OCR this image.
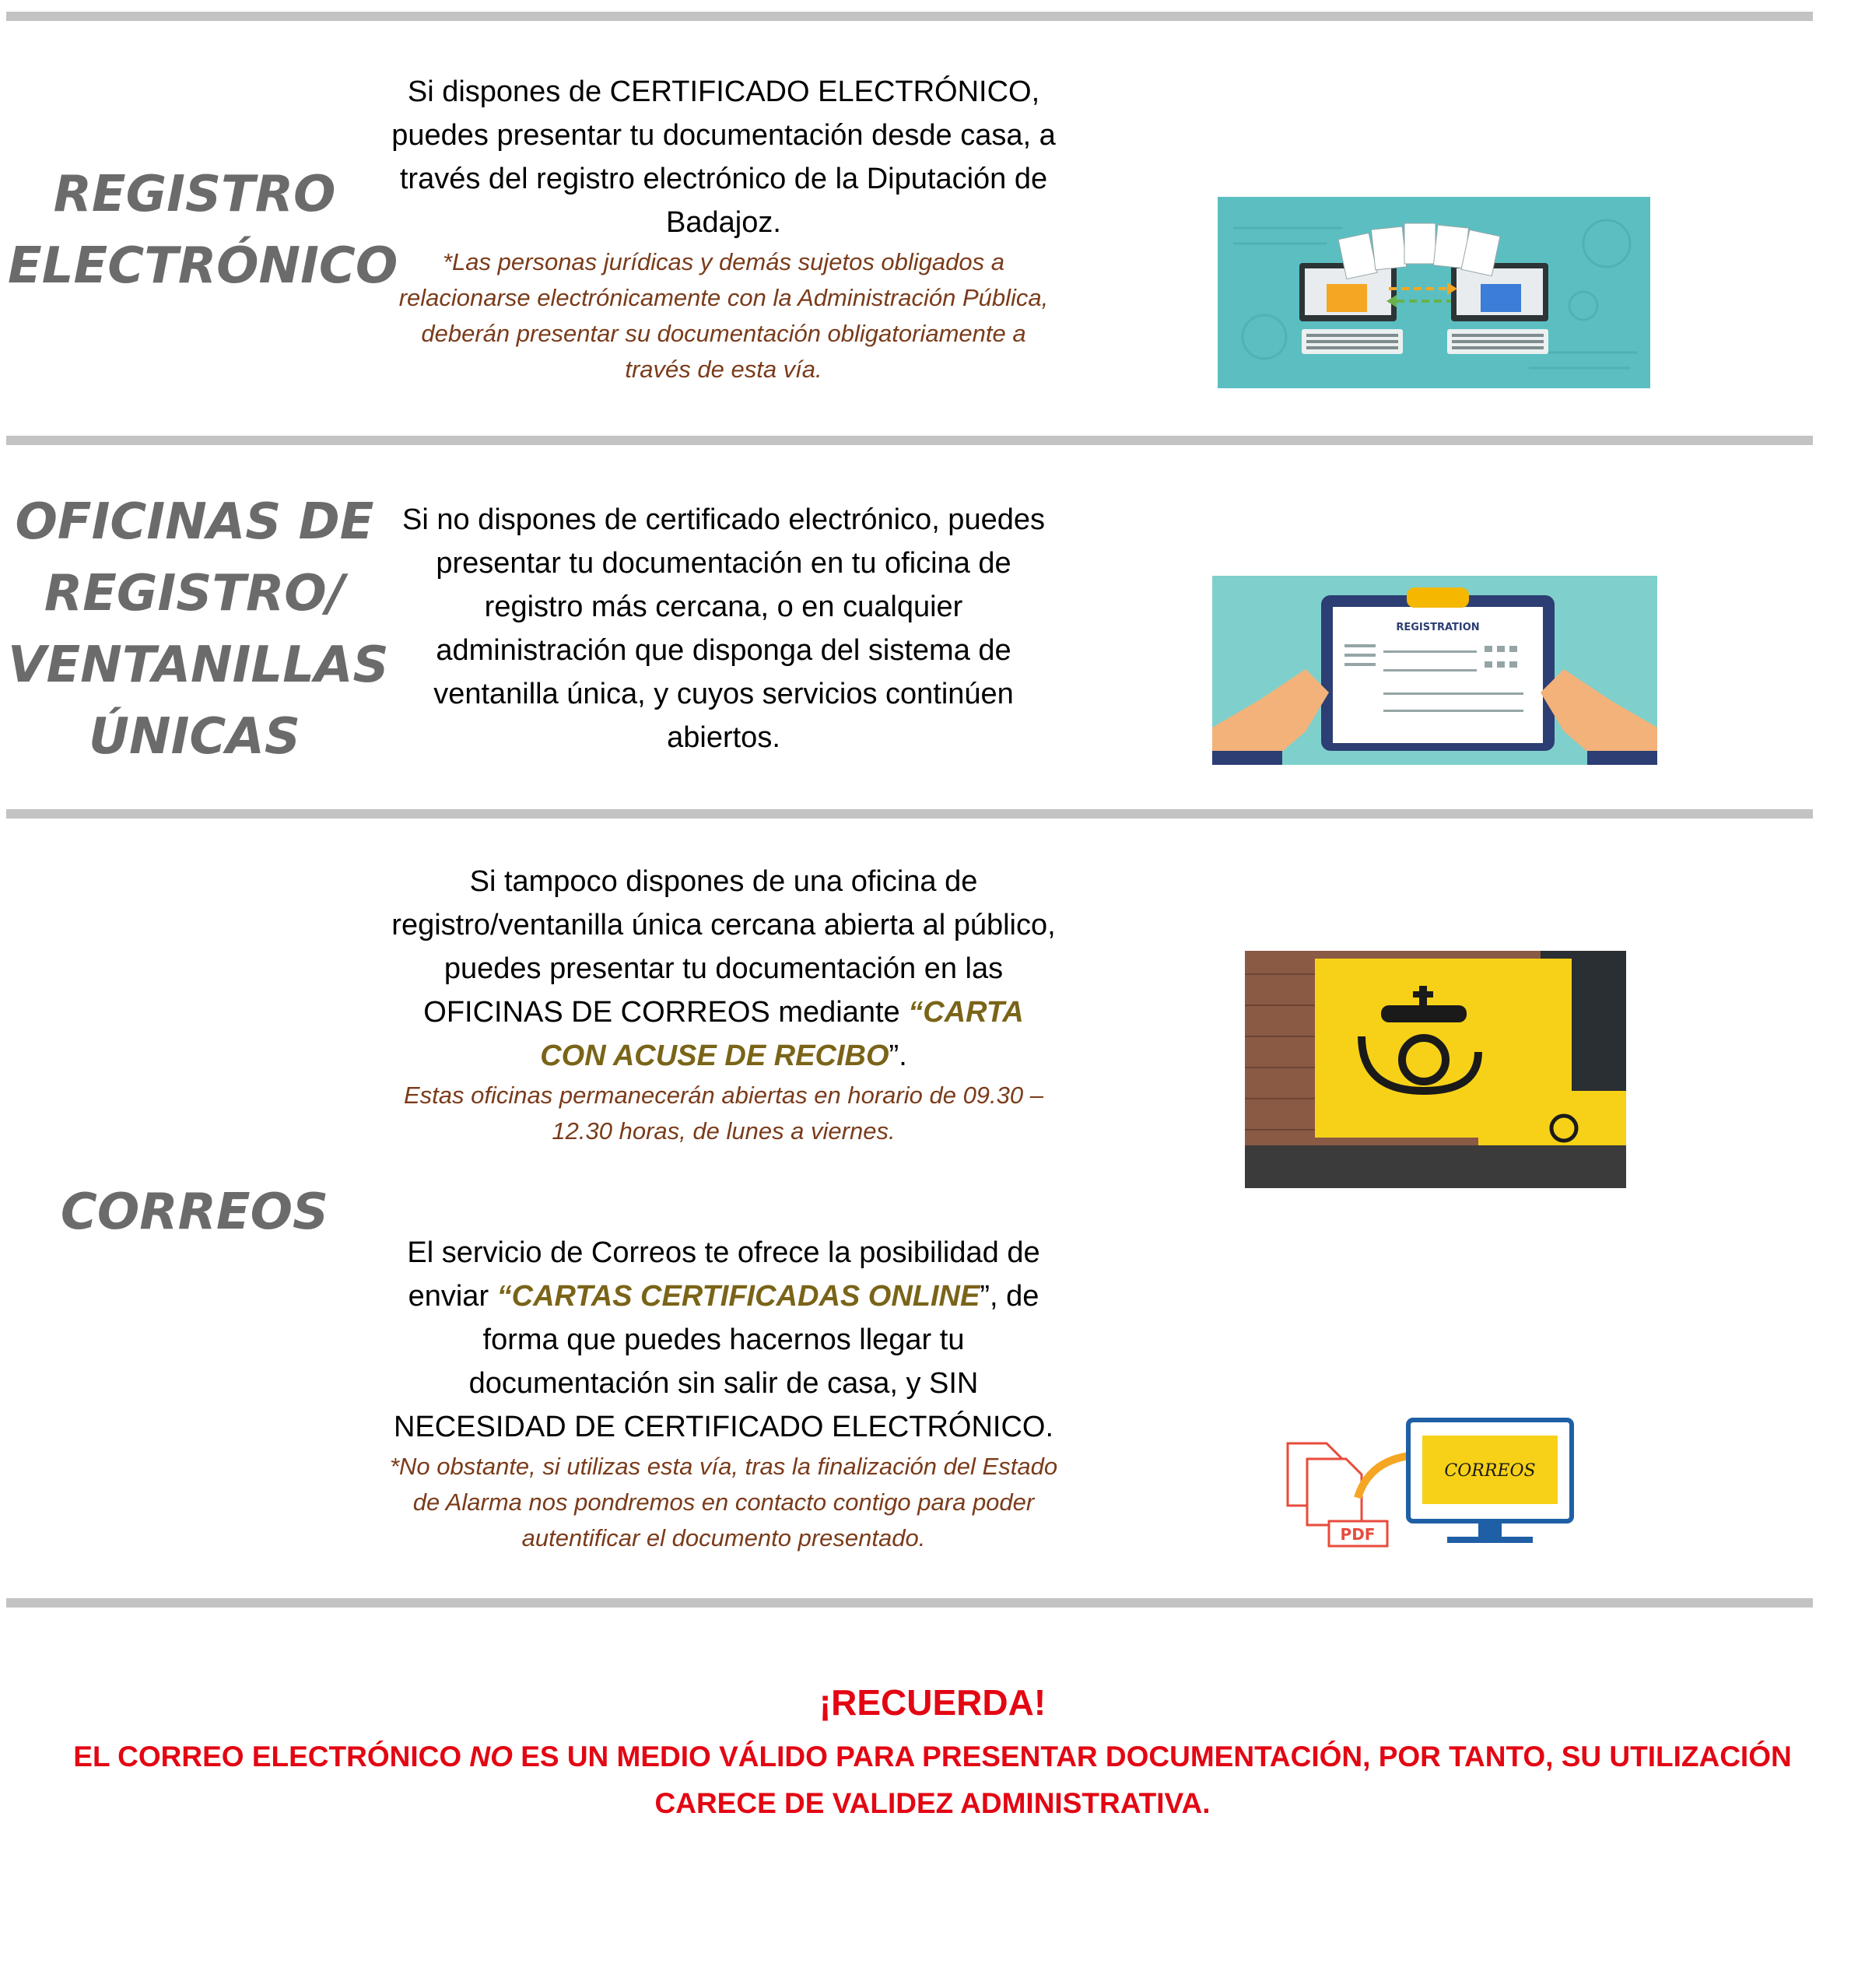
REGISTRO
ELECTRÓNICO

Si dispones de CERTIFICADO ELECTRÓNICO, puedes presentar tu documentación desde casa, a través del registro electrónico de la Diputación de Badajoz.

*Las personas jurídicas y demás sujetos obligados a relacionarse electrónicamente con la Administración Pública, deberán presentar su documentación obligatoriamente a través de esta vía.

OFICINAS DE
REGISTRO/
VENTANILLAS
ÚNICAS

Si no dispones de certificado electrónico, puedes presentar tu documentación en tu oficina de registro más cercana, o en cualquier administración que disponga del sistema de ventanilla única, y cuyos servicios continúen abiertos.

REGISTRATION
CORREOS

Si tampoco dispones de una oficina de registro/ventanilla única cercana abierta al público, puedes presentar tu documentación en las OFICINAS DE CORREOS mediante “CARTA CON ACUSE DE RECIBO”.

Estas oficinas permanecerán abiertas en horario de 09.30 – 12.30 horas, de lunes a viernes.

El servicio de Correos te ofrece la posibilidad de enviar “CARTAS CERTIFICADAS ONLINE”, de forma que puedes hacernos llegar tu documentación sin salir de casa, y SIN NECESIDAD DE CERTIFICADO ELECTRÓNICO.

*No obstante, si utilizas esta vía, tras la finalización del Estado de Alarma nos pondremos en contacto contigo para poder autentificar el documento presentado.	PDF
CORREOS
¡RECUERDA!
EL CORREO ELECTRÓNICO NO ES UN MEDIO VÁLIDO PARA PRESENTAR DOCUMENTACIÓN, POR TANTO, SU UTILIZACIÓN CARECE DE VALIDEZ ADMINISTRATIVA.
